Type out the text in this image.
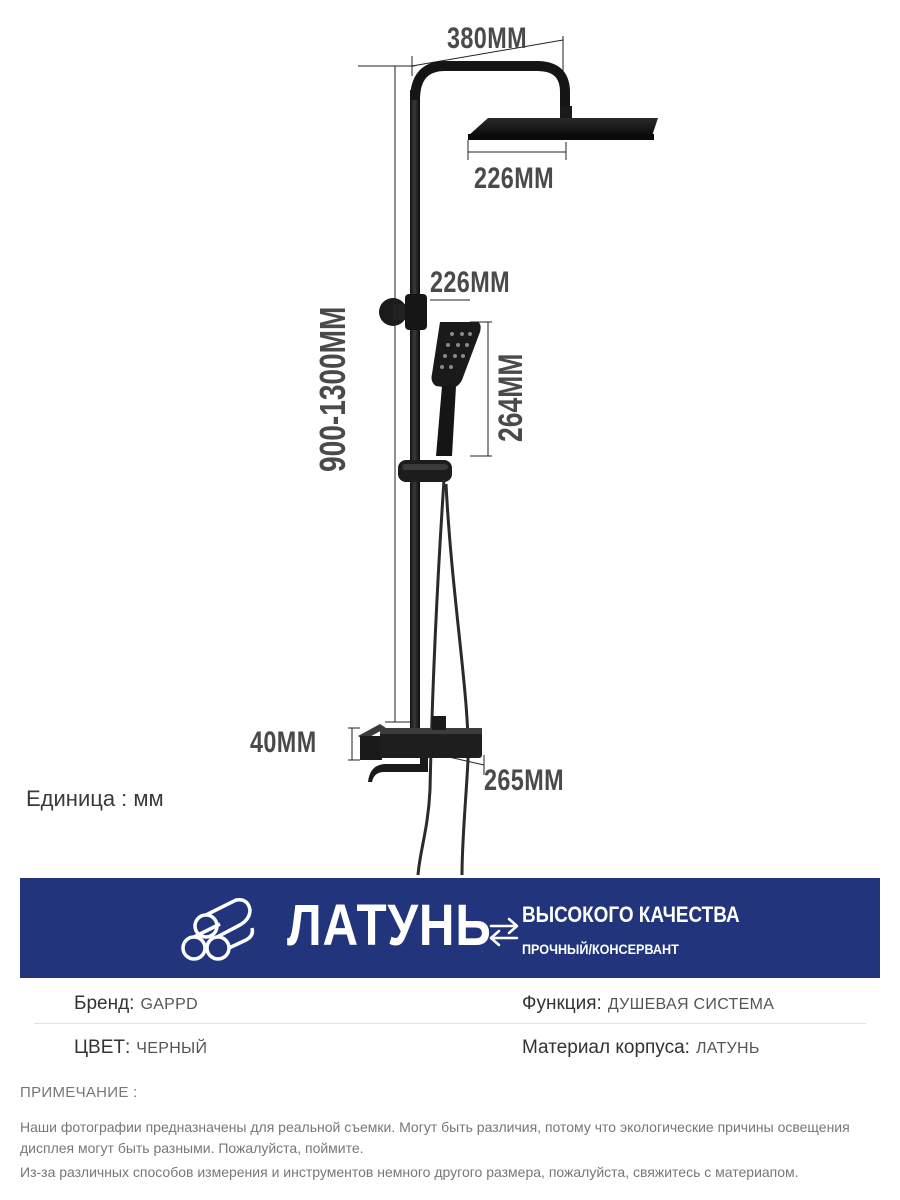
380MM
226MM
226MM
264MM
900-1300MM
40MM
265MM
Единица : мм
ЛАТУНЬ ВЫСОКОГО КАЧЕСТВА
ПРОЧНЫЙ/КОНСЕРВАНТ
Бренд: GAPPD	Функция: ДУШЕВАЯ СИСТЕМА
ЦВЕТ: ЧЕРНЫЙ	Материал корпуса: ЛАТУНЬ
ПРИМЕЧАНИЕ :
Наши фотографии предназначены для реальной съемки. Могут быть различия, потому что экологические причины освещения дисплея могут быть разными. Пожалуйста, поймите.
Из-за различных способов измерения и инструментов немного другого размера, пожалуйста, свяжитесь с материапом.
